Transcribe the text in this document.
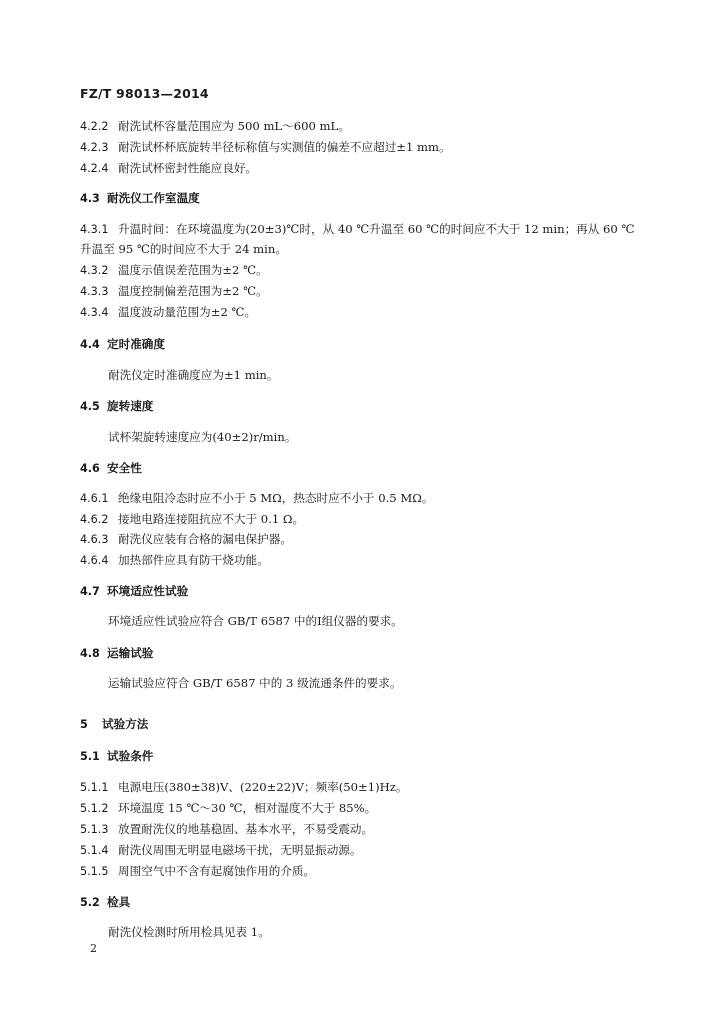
FZ/T 98013—2014
4.2.2 耐洗试杯容量范围应为 500 mL～600 mL。
4.2.3 耐洗试杯杯底旋转半径标称值与实测值的偏差不应超过±1 mm。
4.2.4 耐洗试杯密封性能应良好。
4.3 耐洗仪工作室温度
4.3.1 升温时间：在环境温度为(20±3)℃时，从 40 ℃升温至 60 ℃的时间应不大于 12 min；再从 60 ℃
升温至 95 ℃的时间应不大于 24 min。
4.3.2 温度示值误差范围为±2 ℃。
4.3.3 温度控制偏差范围为±2 ℃。
4.3.4 温度波动量范围为±2 ℃。
4.4 定时准确度
耐洗仪定时准确度应为±1 min。
4.5 旋转速度
试杯架旋转速度应为(40±2)r/min。
4.6 安全性
4.6.1 绝缘电阻冷态时应不小于 5 MΩ，热态时应不小于 0.5 MΩ。
4.6.2 接地电路连接阻抗应不大于 0.1 Ω。
4.6.3 耐洗仪应装有合格的漏电保护器。
4.6.4 加热部件应具有防干烧功能。
4.7 环境适应性试验
环境适应性试验应符合 GB/T 6587 中的Ⅰ组仪器的要求。
4.8 运输试验
运输试验应符合 GB/T 6587 中的 3 级流通条件的要求。
5 试验方法
5.1 试验条件
5.1.1 电源电压(380±38)V、(220±22)V；频率(50±1)Hz。
5.1.2 环境温度 15 ℃～30 ℃，相对湿度不大于 85%。
5.1.3 放置耐洗仪的地基稳固、基本水平，不易受震动。
5.1.4 耐洗仪周围无明显电磁场干扰，无明显振动源。
5.1.5 周围空气中不含有起腐蚀作用的介质。
5.2 检具
耐洗仪检测时所用检具见表 1。
2
